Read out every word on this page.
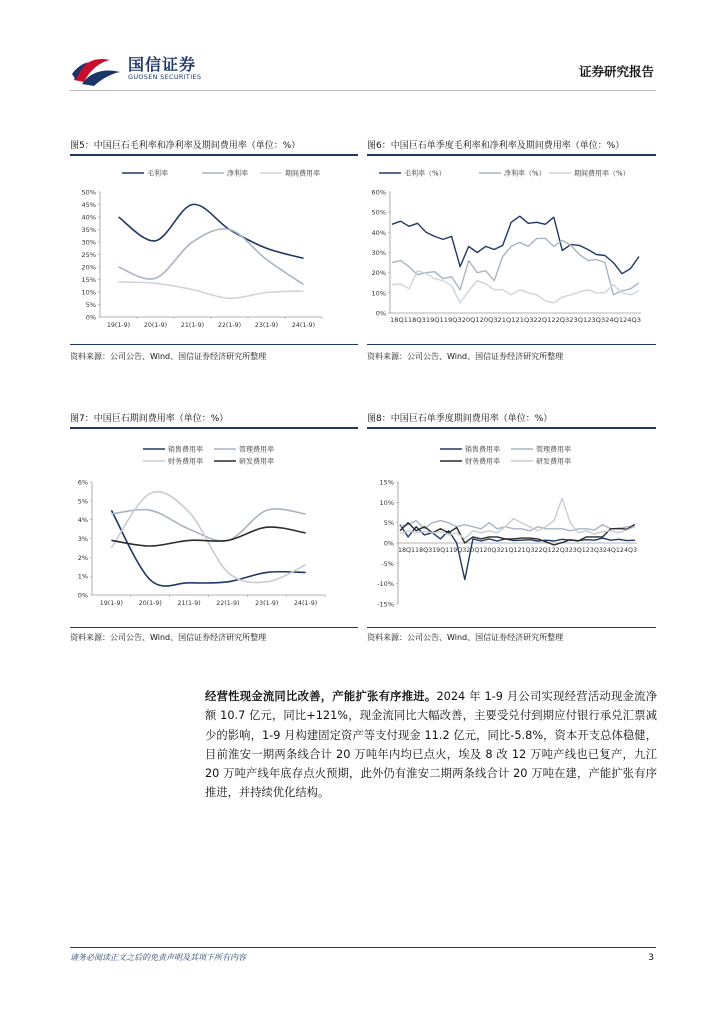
国信证券
GUOSEN SECURITIES	证券研究报告
图5：中国巨石毛利率和净利率及期间费用率（单位：%）	图6：中国巨石单季度毛利率和净利率及期间费用率（单位：%）
0%
5%
10%
15%
20%
25%
30%
35%
40%
45%
50%
19(1-9) 20(1-9) 21(1-9) 22(1-9) 23(1-9) 24(1-9)
毛利率	净利率	期间费用率
0%
10%
20%
30%
40%
50%
60%
18Q1 18Q3 19Q1 19Q3 20Q1 20Q3 21Q1 21Q3 22Q1 22Q3 23Q1 23Q3 24Q1 24Q3
毛利率（%）	净利率（%）	期间费用率（%）
资料来源：公司公告、Wind、国信证券经济研究所整理	资料来源：公司公告、Wind、国信证券经济研究所整理
图7：中国巨石期间费用率（单位：%）	图8：中国巨石单季度期间费用率（单位：%）
0%
1%
2%
3%
4%
5%
6%
19(1-9) 20(1-9) 21(1-9) 22(1-9) 23(1-9) 24(1-9)
销售费用率	管理费用率
财务费用率	研发费用率
-15%
-10%
-5%
0%
5%
10%
15%
18Q1 18Q3 19Q1 19Q3 20Q1 20Q3 21Q1 21Q3 22Q1 22Q3 23Q1 23Q3 24Q1 24Q3
销售费用率	管理费用率
财务费用率	研发费用率
资料来源：公司公告、Wind、国信证券经济研究所整理	资料来源：公司公告、Wind、国信证券经济研究所整理
经营性现金流同比改善，产能扩张有序推进。2024 年 1-9 月公司实现经营活动现金流净额 10.7 亿元，同比+121%，现金流同比大幅改善，主要受兑付到期应付银行承兑汇票减少的影响，1-9 月构建固定资产等支付现金 11.2 亿元，同比-5.8%，资本开支总体稳健，目前淮安一期两条线合计 20 万吨年内均已点火，埃及 8 改 12 万吨产线也已复产，九江 20 万吨产线年底存点火预期，此外仍有淮安二期两条线合计 20 万吨在建，产能扩张有序推进，并持续优化结构。
请务必阅读正文之后的免责声明及其项下所有内容	3
